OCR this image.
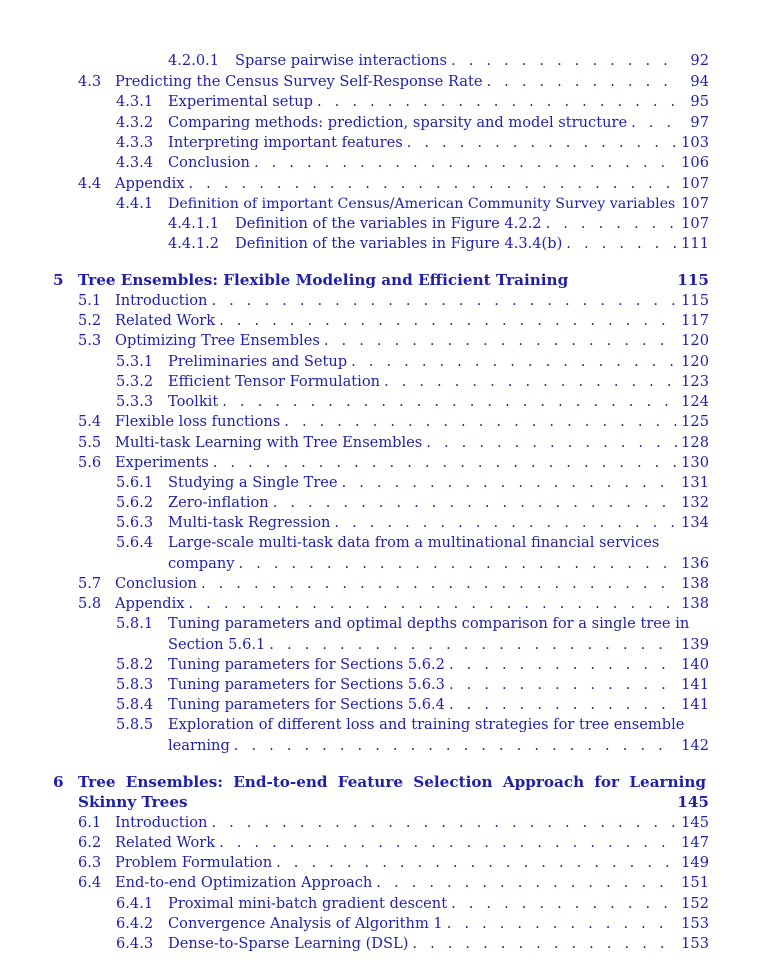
4.2.0.1 Sparse pairwise interactions . . .	92
4.3 Predicting the Census Survey Self-Response Rate . . .	94
4.3.1 Experimental setup . . .	95
4.3.2 Comparing methods: prediction, sparsity and model structure . . .	97
4.3.3 Interpreting important features . . .	103
4.3.4 Conclusion . . .	106
4.4 Appendix . . .	107
4.4.1 Definition of important Census/American Community Survey variables 107
4.4.1.1 Definition of the variables in Figure 4.2.2 . . .	107
4.4.1.2 Definition of the variables in Figure 4.3.4(b) . . .	111
5 Tree Ensembles: Flexible Modeling and Efficient Training	115
5.1 Introduction . . .	115
5.2 Related Work . . .	117
5.3 Optimizing Tree Ensembles . . .	120
5.3.1 Preliminaries and Setup . . .	120
5.3.2 Efficient Tensor Formulation . . .	123
5.3.3 Toolkit . . .	124
5.4 Flexible loss functions . . .	125
5.5 Multi-task Learning with Tree Ensembles . . .	128
5.6 Experiments . . .	130
5.6.1 Studying a Single Tree . . .	131
5.6.2 Zero-inflation . . .	132
5.6.3 Multi-task Regression . . .	134
5.6.4 Large-scale multi-task data from a multinational financial services
company . . .	136
5.7 Conclusion . . .	138
5.8 Appendix . . .	138
5.8.1 Tuning parameters and optimal depths comparison for a single tree in
Section 5.6.1 . . .	139
5.8.2 Tuning parameters for Sections 5.6.2 . . .	140
5.8.3 Tuning parameters for Sections 5.6.3 . . .	141
5.8.4 Tuning parameters for Sections 5.6.4 . . .	141
5.8.5 Exploration of different loss and training strategies for tree ensemble
learning . . .	142
6 Tree Ensembles: End-to-end Feature Selection Approach for Learning
Skinny Trees	145
6.1 Introduction . . .	145
6.2 Related Work . . .	147
6.3 Problem Formulation . . .	149
6.4 End-to-end Optimization Approach . . .	151
6.4.1 Proximal mini-batch gradient descent . . .	152
6.4.2 Convergence Analysis of Algorithm 1 . . .	153
6.4.3 Dense-to-Sparse Learning (DSL) . . .	153
